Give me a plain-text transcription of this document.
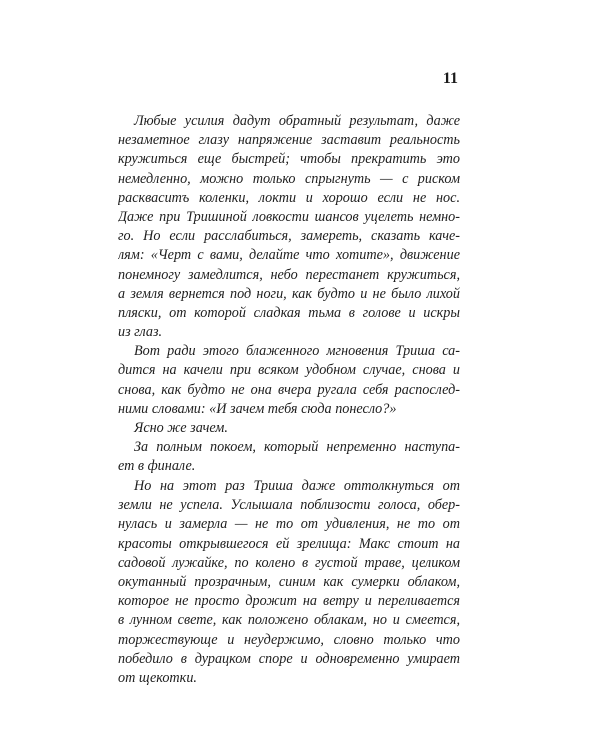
11
Любые усилия дадут обратный результат, даже
незаметное глазу напряжение заставит реальность
кружиться еще быстрей; чтобы прекратить это
немедленно, можно только спрыгнуть — с риском
раскваситъ коленки, локти и хорошо если не нос.
Даже при Тришиной ловкости шансов уцелеть немно-
го. Но если расслабиться, замереть, сказать каче-
лям: «Черт с вами, делайте что хотите», движение
понемногу замедлится, небо перестанет кружиться,
а земля вернется под ноги, как будто и не было лихой
пляски, от которой сладкая тьма в голове и искры
из глаз.
Вот ради этого блаженного мгновения Триша са-
дится на качели при всяком удобном случае, снова и
снова, как будто не она вчера ругала себя распослед-
ними словами: «И зачем тебя сюда понесло?»
Ясно же зачем.
За полным покоем, который непременно наступа-
ет в финале.
Но на этот раз Триша даже оттолкнуться от
земли не успела. Услышала поблизости голоса, обер-
нулась и замерла — не то от удивления, не то от
красоты открывшегося ей зрелища: Макс стоит на
садовой лужайке, по колено в густой траве, целиком
окутанный прозрачным, синим как сумерки облаком,
которое не просто дрожит на ветру и переливается
в лунном свете, как положено облакам, но и смеется,
торжествующе и неудержимо, словно только что
победило в дурацком споре и одновременно умирает
от щекотки.
